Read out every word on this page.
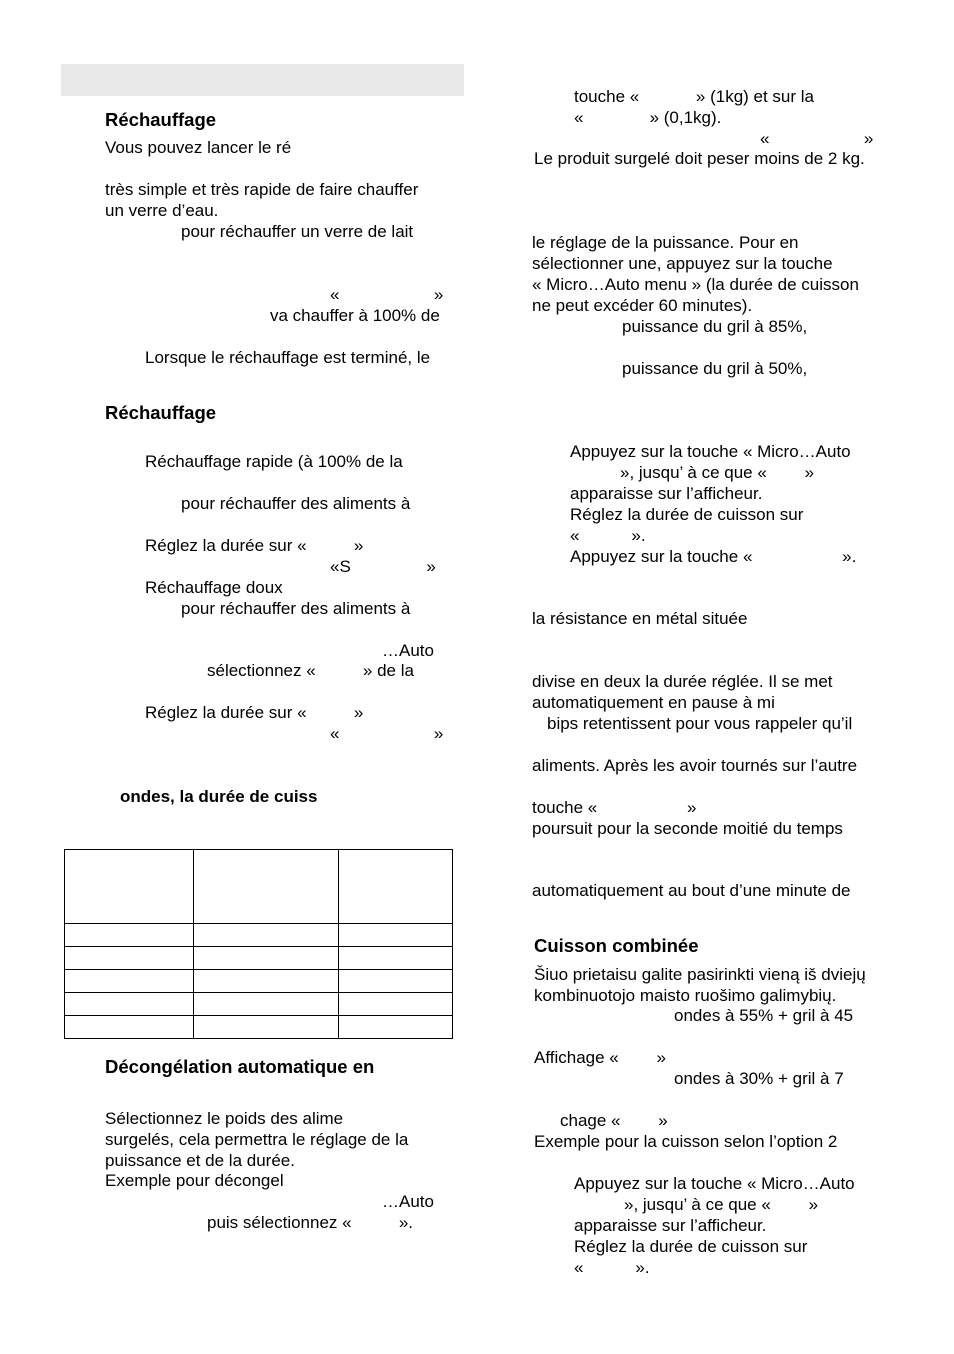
Réchauffage
Vous pouvez lancer le ré
très simple et très rapide de faire chauffer
un verre d’eau.
pour réchauffer un verre de lait
«                    »
va chauffer à 100% de
Lorsque le réchauffage est terminé, le
Réchauffage
Réchauffage rapide (à 100% de la
pour réchauffer des aliments à
Réglez la durée sur «          »
«S                »
Réchauffage doux
pour réchauffer des aliments à
…Auto
sélectionnez «          » de la
Réglez la durée sur «          »
«                    »
ondes, la durée de cuiss

Décongélation automatique en
Sélectionnez le poids des alime
surgelés, cela permettra le réglage de la
puissance et de la durée.
Exemple pour décongel
…Auto
puis sélectionnez «          ».
touche «            » (1kg) et sur la
«              » (0,1kg).
«                    »
Le produit surgelé doit peser moins de 2 kg.
le réglage de la puissance. Pour en
sélectionner une, appuyez sur la touche
« Micro…Auto menu » (la durée de cuisson
ne peut excéder 60 minutes).
puissance du gril à 85%,
puissance du gril à 50%,
Appuyez sur la touche « Micro…Auto
», jusqu’ à ce que «        »
apparaisse sur l’afficheur.
Réglez la durée de cuisson sur
«           ».
Appuyez sur la touche «                   ».
la résistance en métal située
divise en deux la durée réglée. Il se met
automatiquement en pause à mi
bips retentissent pour vous rappeler qu’il
aliments. Après les avoir tournés sur l’autre
touche «                   »
poursuit pour la seconde moitié du temps
automatiquement au bout d’une minute de
Cuisson combinée
Šiuo prietaisu galite pasirinkti vieną iš dviejų
kombinuotojo maisto ruošimo galimybių.
ondes à 55% + gril à 45
Affichage «        »
ondes à 30% + gril à 7
chage «        »
Exemple pour la cuisson selon l’option 2
Appuyez sur la touche « Micro…Auto
», jusqu’ à ce que «        »
apparaisse sur l’afficheur.
Réglez la durée de cuisson sur
«           ».
